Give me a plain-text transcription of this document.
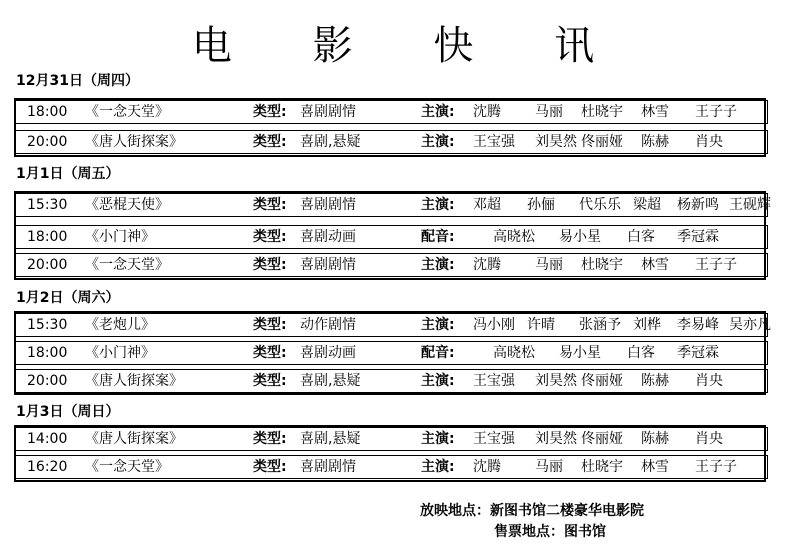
电 影 快 讯
12月31日（周四）
18:00 《一念天堂》	类型: 喜剧剧情	主演: 沈腾 马丽 杜晓宇 林雪 王子子
20:00 《唐人街探案》	类型: 喜剧,悬疑	主演: 王宝强 刘昊然 佟丽娅 陈赫 肖央
1月1日（周五）
15:30 《恶棍天使》	类型: 喜剧剧情	主演: 邓超 孙俪 代乐乐 梁超 杨新鸣 王砚辉
18:00 《小门神》	类型: 喜剧动画	配音:	高晓松 易小星 白客 季冠霖
20:00 《一念天堂》	类型: 喜剧剧情	主演: 沈腾 马丽 杜晓宇 林雪 王子子
1月2日（周六）
15:30 《老炮儿》	类型: 动作剧情	主演: 冯小刚 许晴 张涵予 刘桦 李易峰 吴亦凡
18:00 《小门神》	类型: 喜剧动画	配音:	高晓松 易小星 白客 季冠霖
20:00 《唐人街探案》	类型: 喜剧,悬疑	主演: 王宝强 刘昊然 佟丽娅 陈赫 肖央
1月3日（周日）
14:00 《唐人街探案》	类型: 喜剧,悬疑	主演: 王宝强 刘昊然 佟丽娅 陈赫 肖央
16:20 《一念天堂》	类型: 喜剧剧情	主演: 沈腾 马丽 杜晓宇 林雪 王子子
放映地点：新图书馆二楼豪华电影院
售票地点：图书馆
